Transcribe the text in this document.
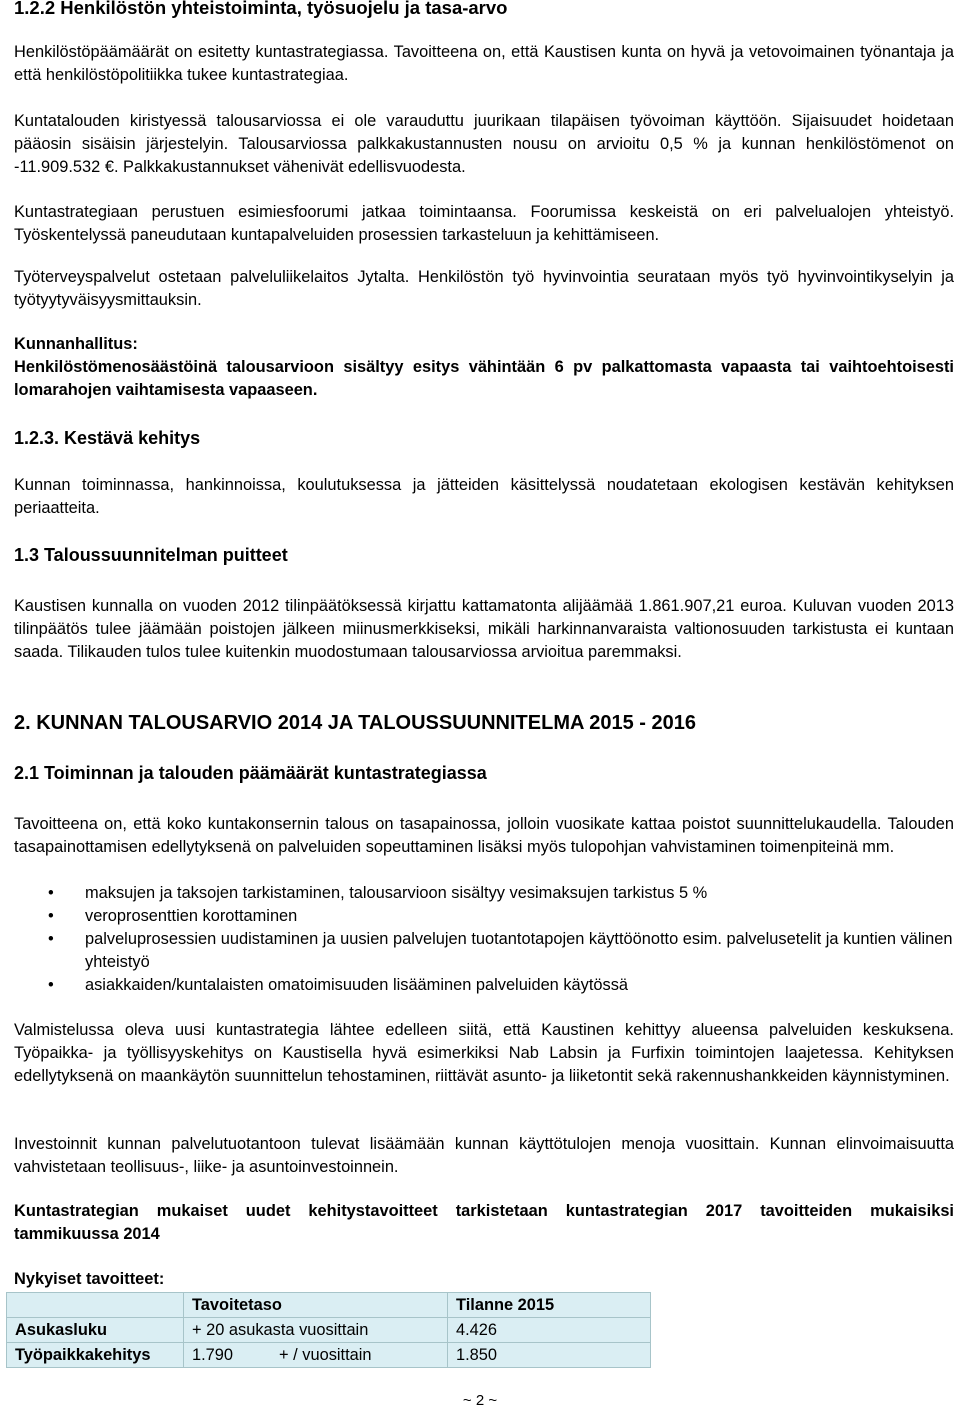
1.2.2 Henkilöstön yhteistoiminta, työsuojelu ja tasa-arvo

Henkilöstöpäämäärät on esitetty kuntastrategiassa. Tavoitteena on, että Kaustisen kunta on hyvä ja vetovoimainen työnantaja ja että henkilöstöpolitiikka tukee kuntastrategiaa.

Kuntatalouden kiristyessä talousarviossa ei ole varauduttu juurikaan tilapäisen työvoiman käyttöön. Sijaisuudet hoidetaan pääosin sisäisin järjestelyin. Talousarviossa palkkakustannusten nousu on arvioitu 0,5 % ja kunnan henkilöstömenot on -11.909.532 €. Palkkakustannukset vähenivät edellisvuodesta.

Kuntastrategiaan perustuen esimiesfoorumi jatkaa toimintaansa. Foorumissa keskeistä on eri palvelualojen yhteistyö. Työskentelyssä paneudutaan kuntapalveluiden prosessien tarkasteluun ja kehittämiseen.

Työterveyspalvelut ostetaan palveluliikelaitos Jytalta. Henkilöstön työ hyvinvointia seurataan myös työ hyvinvointikyselyin ja työtyytyväisyysmittauksin.

Kunnanhallitus:

Henkilöstömenosäästöinä talousarvioon sisältyy esitys vähintään 6 pv palkattomasta vapaasta tai vaihtoehtoisesti lomarahojen vaihtamisesta vapaaseen.

1.2.3. Kestävä kehitys

Kunnan toiminnassa, hankinnoissa, koulutuksessa ja jätteiden käsittelyssä noudatetaan ekologisen kestävän kehityksen periaatteita.

1.3 Taloussuunnitelman puitteet

Kaustisen kunnalla on vuoden 2012 tilinpäätöksessä kirjattu kattamatonta alijäämää 1.861.907,21 euroa. Kuluvan vuoden 2013 tilinpäätös tulee jäämään poistojen jälkeen miinusmerkkiseksi, mikäli harkinnanvaraista valtionosuuden tarkistusta ei kuntaan saada. Tilikauden tulos tulee kuitenkin muodostumaan talousarviossa arvioitua paremmaksi.

2. KUNNAN TALOUSARVIO 2014 JA TALOUSSUUNNITELMA 2015 - 2016
2.1 Toiminnan ja talouden päämäärät kuntastrategiassa

Tavoitteena on, että koko kuntakonsernin talous on tasapainossa, jolloin vuosikate kattaa poistot suunnittelukaudella. Talouden tasapainottamisen edellytyksenä on palveluiden sopeuttaminen lisäksi myös tulopohjan vahvistaminen toimenpiteinä mm.

• maksujen ja taksojen tarkistaminen, talousarvioon sisältyy vesimaksujen tarkistus 5 %
• veroprosenttien korottaminen
• palveluprosessien uudistaminen ja uusien palvelujen tuotantotapojen käyttöönotto esim. palvelusetelit ja kuntien välinen yhteistyö
• asiakkaiden/kuntalaisten omatoimisuuden lisääminen palveluiden käytössä

Valmistelussa oleva uusi kuntastrategia lähtee edelleen siitä, että Kaustinen kehittyy alueensa palveluiden keskuksena. Työpaikka- ja työllisyyskehitys on Kaustisella hyvä esimerkiksi Nab Labsin ja Furfixin toimintojen laajetessa. Kehityksen edellytyksenä on maankäytön suunnittelun tehostaminen, riittävät asunto- ja liiketontit sekä rakennushankkeiden käynnistyminen.

Investoinnit kunnan palvelutuotantoon tulevat lisäämään kunnan käyttötulojen menoja vuosittain. Kunnan elinvoimaisuutta vahvistetaan teollisuus-, liike- ja asuntoinvestoinnein.

Kuntastrategian mukaiset uudet kehitystavoitteet tarkistetaan kuntastrategian 2017 tavoitteiden mukaisiksi tammikuussa 2014

Nykyiset tavoitteet:

	Tavoitetaso	Tilanne 2015
Asukasluku	+ 20 asukasta vuosittain	4.426
Työpaikkakehitys	1.790 + / vuosittain	1.850
~ 2 ~
